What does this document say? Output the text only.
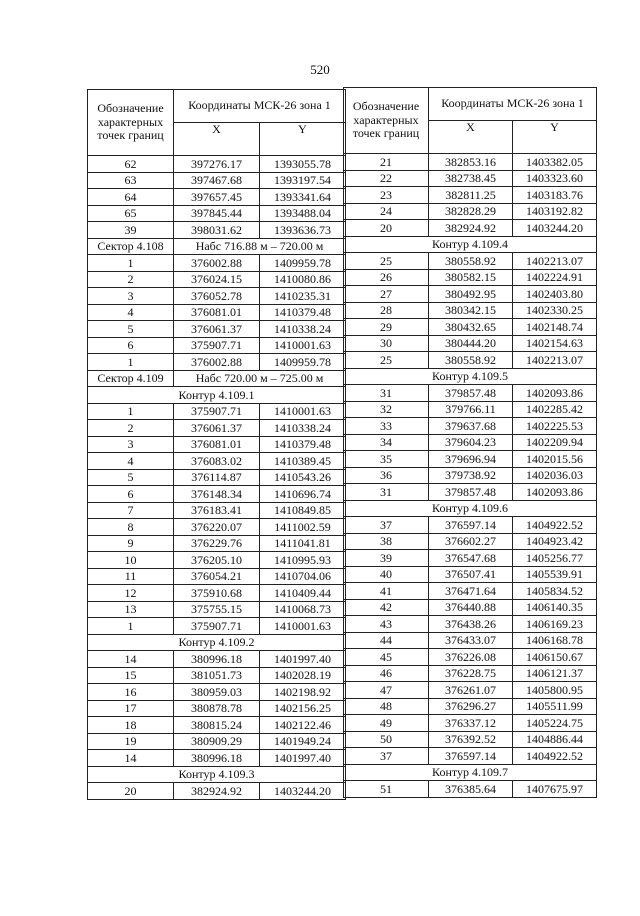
520
Обозначение характерных точек границ	Координаты МСК-26 зона 1	
	X	Y
62	397276.17	1393055.78
63	397467.68	1393197.54
64	397657.45	1393341.64
65	397845.44	1393488.04
39	398031.62	1393636.73
Сектор 4.108	Набс 716.88 м – 720.00 м	
1	376002.88	1409959.78
2	376024.15	1410080.86
3	376052.78	1410235.31
4	376081.01	1410379.48
5	376061.37	1410338.24
6	375907.71	1410001.63
1	376002.88	1409959.78
Сектор 4.109	Набс 720.00 м – 725.00 м	
Контур 4.109.1		
1	375907.71	1410001.63
2	376061.37	1410338.24
3	376081.01	1410379.48
4	376083.02	1410389.45
5	376114.87	1410543.26
6	376148.34	1410696.74
7	376183.41	1410849.85
8	376220.07	1411002.59
9	376229.76	1411041.81
10	376205.10	1410995.93
11	376054.21	1410704.06
12	375910.68	1410409.44
13	375755.15	1410068.73
1	375907.71	1410001.63
Контур 4.109.2		
14	380996.18	1401997.40
15	381051.73	1402028.19
16	380959.03	1402198.92
17	380878.78	1402156.25
18	380815.24	1402122.46
19	380909.29	1401949.24
14	380996.18	1401997.40
Контур 4.109.3		
20	382924.92	1403244.20
Обозначение характерных точек границ	Координаты МСК-26 зона 1	
	X	Y
21	382853.16	1403382.05
22	382738.45	1403323.60
23	382811.25	1403183.76
24	382828.29	1403192.82
20	382924.92	1403244.20
Контур 4.109.4		
25	380558.92	1402213.07
26	380582.15	1402224.91
27	380492.95	1402403.80
28	380342.15	1402330.25
29	380432.65	1402148.74
30	380444.20	1402154.63
25	380558.92	1402213.07
Контур 4.109.5		
31	379857.48	1402093.86
32	379766.11	1402285.42
33	379637.68	1402225.53
34	379604.23	1402209.94
35	379696.94	1402015.56
36	379738.92	1402036.03
31	379857.48	1402093.86
Контур 4.109.6		
37	376597.14	1404922.52
38	376602.27	1404923.42
39	376547.68	1405256.77
40	376507.41	1405539.91
41	376471.64	1405834.52
42	376440.88	1406140.35
43	376438.26	1406169.23
44	376433.07	1406168.78
45	376226.08	1406150.67
46	376228.75	1406121.37
47	376261.07	1405800.95
48	376296.27	1405511.99
49	376337.12	1405224.75
50	376392.52	1404886.44
37	376597.14	1404922.52
Контур 4.109.7		
51	376385.64	1407675.97
